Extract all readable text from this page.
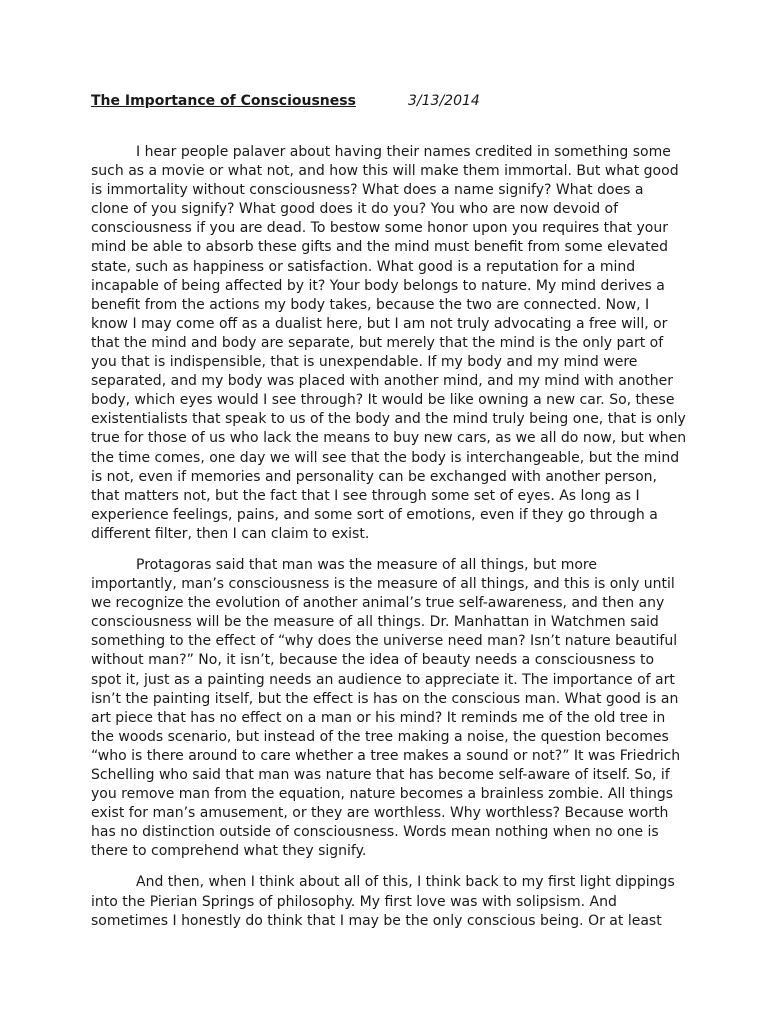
The Importance of Consciousness	3/13/2014
I hear people palaver about having their names credited in something some
such as a movie or what not, and how this will make them immortal. But what good
is immortality without consciousness? What does a name signify? What does a
clone of you signify? What good does it do you? You who are now devoid of
consciousness if you are dead. To bestow some honor upon you requires that your
mind be able to absorb these gifts and the mind must benefit from some elevated
state, such as happiness or satisfaction. What good is a reputation for a mind
incapable of being affected by it? Your body belongs to nature. My mind derives a
benefit from the actions my body takes, because the two are connected. Now, I
know I may come off as a dualist here, but I am not truly advocating a free will, or
that the mind and body are separate, but merely that the mind is the only part of
you that is indispensible, that is unexpendable. If my body and my mind were
separated, and my body was placed with another mind, and my mind with another
body, which eyes would I see through? It would be like owning a new car. So, these
existentialists that speak to us of the body and the mind truly being one, that is only
true for those of us who lack the means to buy new cars, as we all do now, but when
the time comes, one day we will see that the body is interchangeable, but the mind
is not, even if memories and personality can be exchanged with another person,
that matters not, but the fact that I see through some set of eyes. As long as I
experience feelings, pains, and some sort of emotions, even if they go through a
different filter, then I can claim to exist.
Protagoras said that man was the measure of all things, but more
importantly, man’s consciousness is the measure of all things, and this is only until
we recognize the evolution of another animal’s true self-awareness, and then any
consciousness will be the measure of all things. Dr. Manhattan in Watchmen said
something to the effect of “why does the universe need man? Isn’t nature beautiful
without man?” No, it isn’t, because the idea of beauty needs a consciousness to
spot it, just as a painting needs an audience to appreciate it. The importance of art
isn’t the painting itself, but the effect is has on the conscious man. What good is an
art piece that has no effect on a man or his mind? It reminds me of the old tree in
the woods scenario, but instead of the tree making a noise, the question becomes
“who is there around to care whether a tree makes a sound or not?” It was Friedrich
Schelling who said that man was nature that has become self-aware of itself. So, if
you remove man from the equation, nature becomes a brainless zombie. All things
exist for man’s amusement, or they are worthless. Why worthless? Because worth
has no distinction outside of consciousness. Words mean nothing when no one is
there to comprehend what they signify.
And then, when I think about all of this, I think back to my first light dippings
into the Pierian Springs of philosophy. My first love was with solipsism. And
sometimes I honestly do think that I may be the only conscious being. Or at least
